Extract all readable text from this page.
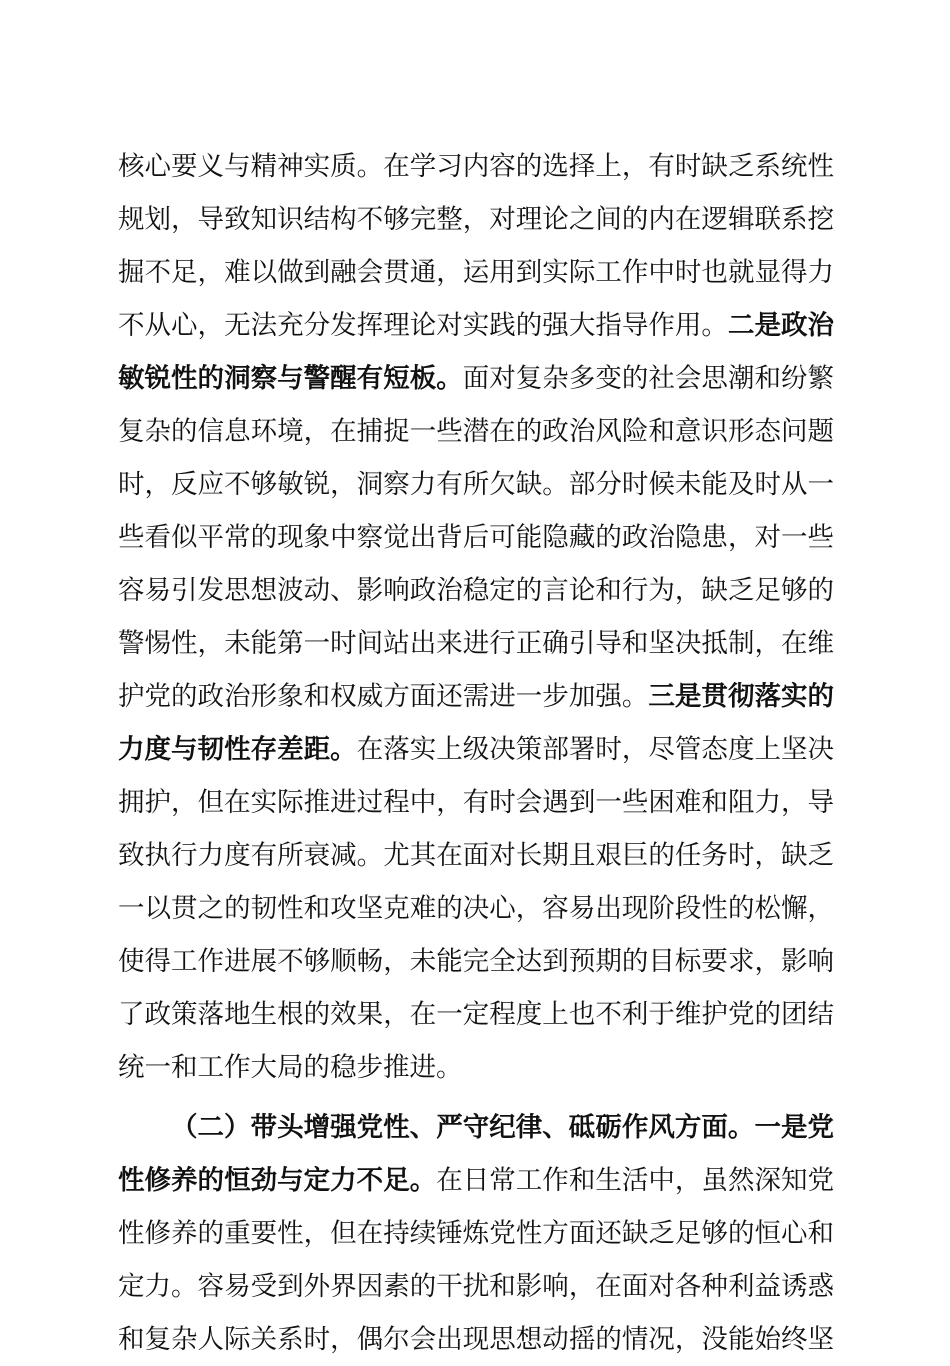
核心要义与精神实质。在学习内容的选择上，有时缺乏系统性
规划，导致知识结构不够完整，对理论之间的内在逻辑联系挖
掘不足，难以做到融会贯通，运用到实际工作中时也就显得力
不从心，无法充分发挥理论对实践的强大指导作用。二是政治
敏锐性的洞察与警醒有短板。面对复杂多变的社会思潮和纷繁
复杂的信息环境，在捕捉一些潜在的政治风险和意识形态问题
时，反应不够敏锐，洞察力有所欠缺。部分时候未能及时从一
些看似平常的现象中察觉出背后可能隐藏的政治隐患，对一些
容易引发思想波动、影响政治稳定的言论和行为，缺乏足够的
警惕性，未能第一时间站出来进行正确引导和坚决抵制，在维
护党的政治形象和权威方面还需进一步加强。三是贯彻落实的
力度与韧性存差距。在落实上级决策部署时，尽管态度上坚决
拥护，但在实际推进过程中，有时会遇到一些困难和阻力，导
致执行力度有所衰减。尤其在面对长期且艰巨的任务时，缺乏
一以贯之的韧性和攻坚克难的决心，容易出现阶段性的松懈，
使得工作进展不够顺畅，未能完全达到预期的目标要求，影响
了政策落地生根的效果，在一定程度上也不利于维护党的团结
统一和工作大局的稳步推进。
（二）带头增强党性、严守纪律、砥砺作风方面。一是党
性修养的恒劲与定力不足。在日常工作和生活中，虽然深知党
性修养的重要性，但在持续锤炼党性方面还缺乏足够的恒心和
定力。容易受到外界因素的干扰和影响，在面对各种利益诱惑
和复杂人际关系时，偶尔会出现思想动摇的情况，没能始终坚
